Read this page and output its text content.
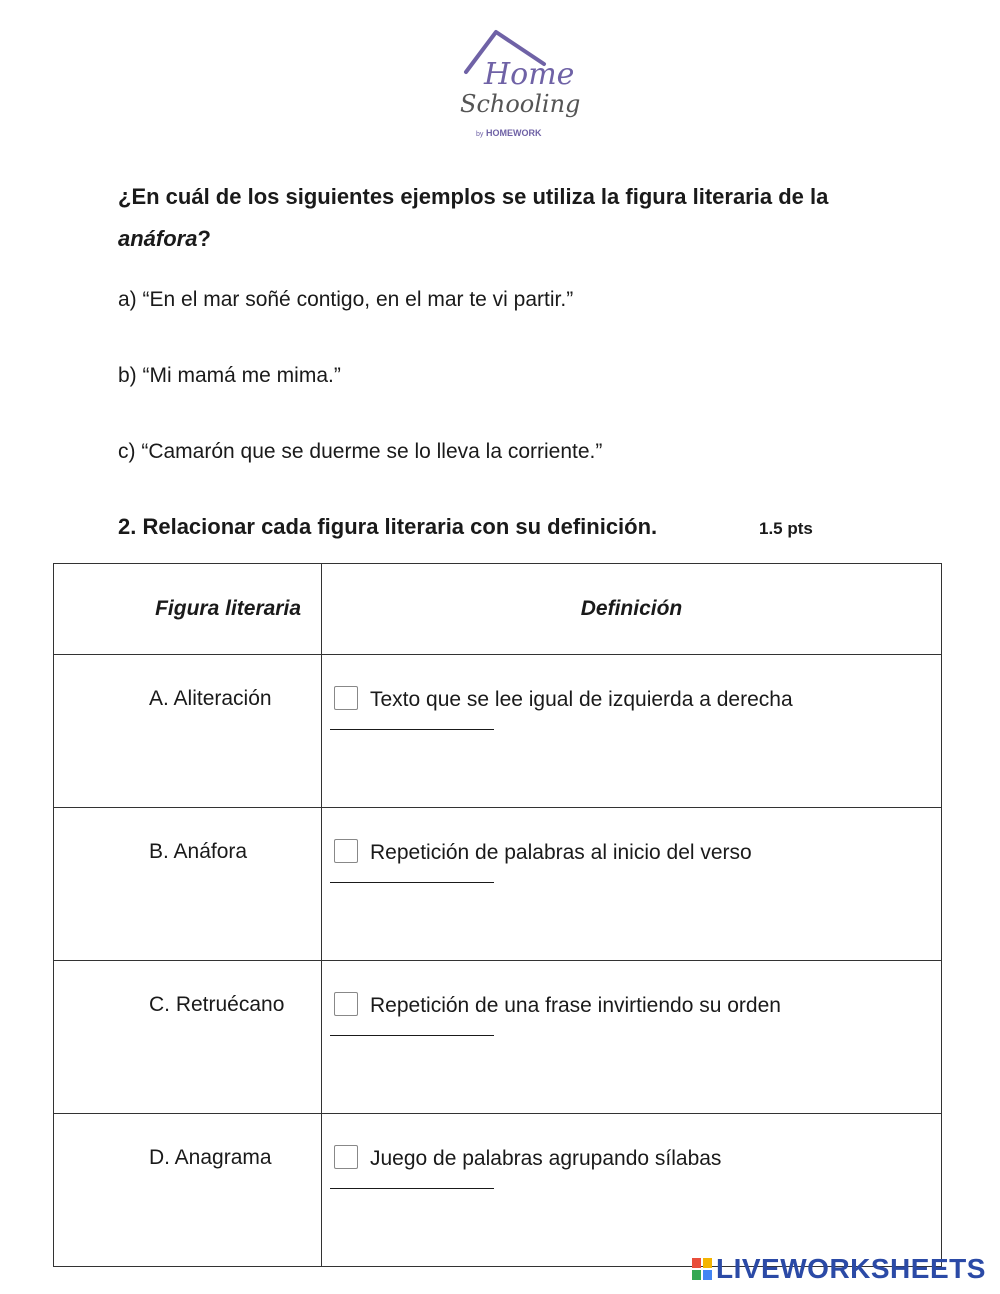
Home
Schooling
by HOMEWORK
¿En cuál de los siguientes ejemplos se utiliza la figura literaria de la anáfora?
a) “En el mar soñé contigo, en el mar te vi partir.”
b) “Mi mamá me mima.”
c) “Camarón que se duerme se lo lleva la corriente.”
2. Relacionar cada figura literaria con su definición.	1.5 pts
Figura literaria	Definición
A. Aliteración	Texto que se lee igual de izquierda a derecha

B. Anáfora	Repetición de palabras al inicio del verso

C. Retruécano	Repetición de una frase invirtiendo su orden

D. Anagrama	Juego de palabras agrupando sílabas
LIVEWORKSHEETS
